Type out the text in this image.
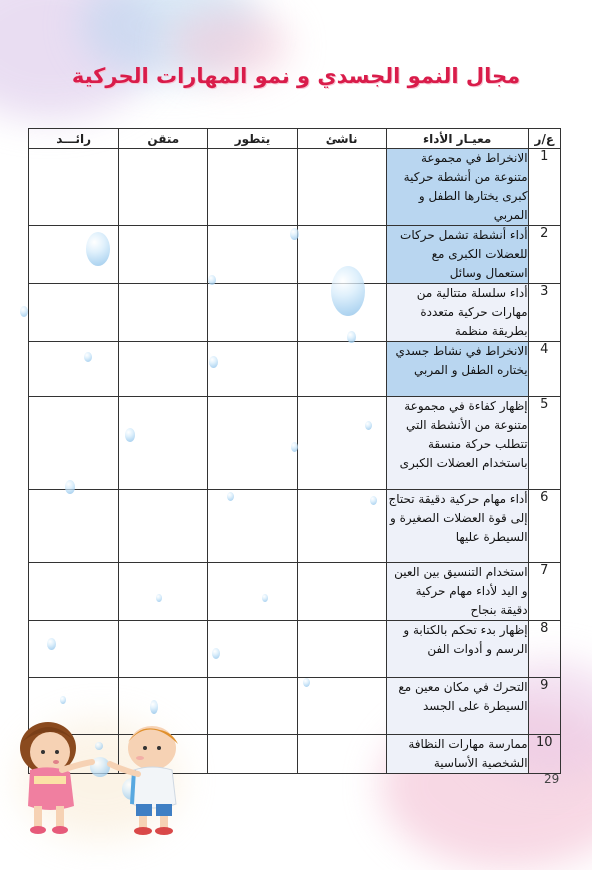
مجال النمو الجسدي و نمو المهارات الحركية
ع/ر	معيـار الأداء	ناشئ	يتطور	متقن	رائـــد
1	الانخراط في مجموعة متنوعة من أنشطة حركية كبرى يختارها الطفل و المربي				
2	أداء أنشطة تشمل حركات للعضلات الكبرى مع استعمال وسائل				
3	أداء سلسلة متتالية من مهارات حركية متعددة بطريقة منظمة				
4	الانخراط في نشاط جسدي يختاره الطفل و المربي				
5	إظهار كفاءة في مجموعة متنوعة من الأنشطة التي تتطلب حركة منسقة باستخدام العضلات الكبرى				
6	أداء مهام حركية دقيقة تحتاج إلى قوة العضلات الصغيرة و السيطرة عليها				
7	استخدام التنسيق بين العين و اليد لأداء مهام حركية دقيقة بنجاح				
8	إظهار بدء تحكم بالكتابة و الرسم و أدوات الفن				
9	التحرك في مكان معين مع السيطرة على الجسد				
10	ممارسة مهارات النظافة الشخصية الأساسية				
29
